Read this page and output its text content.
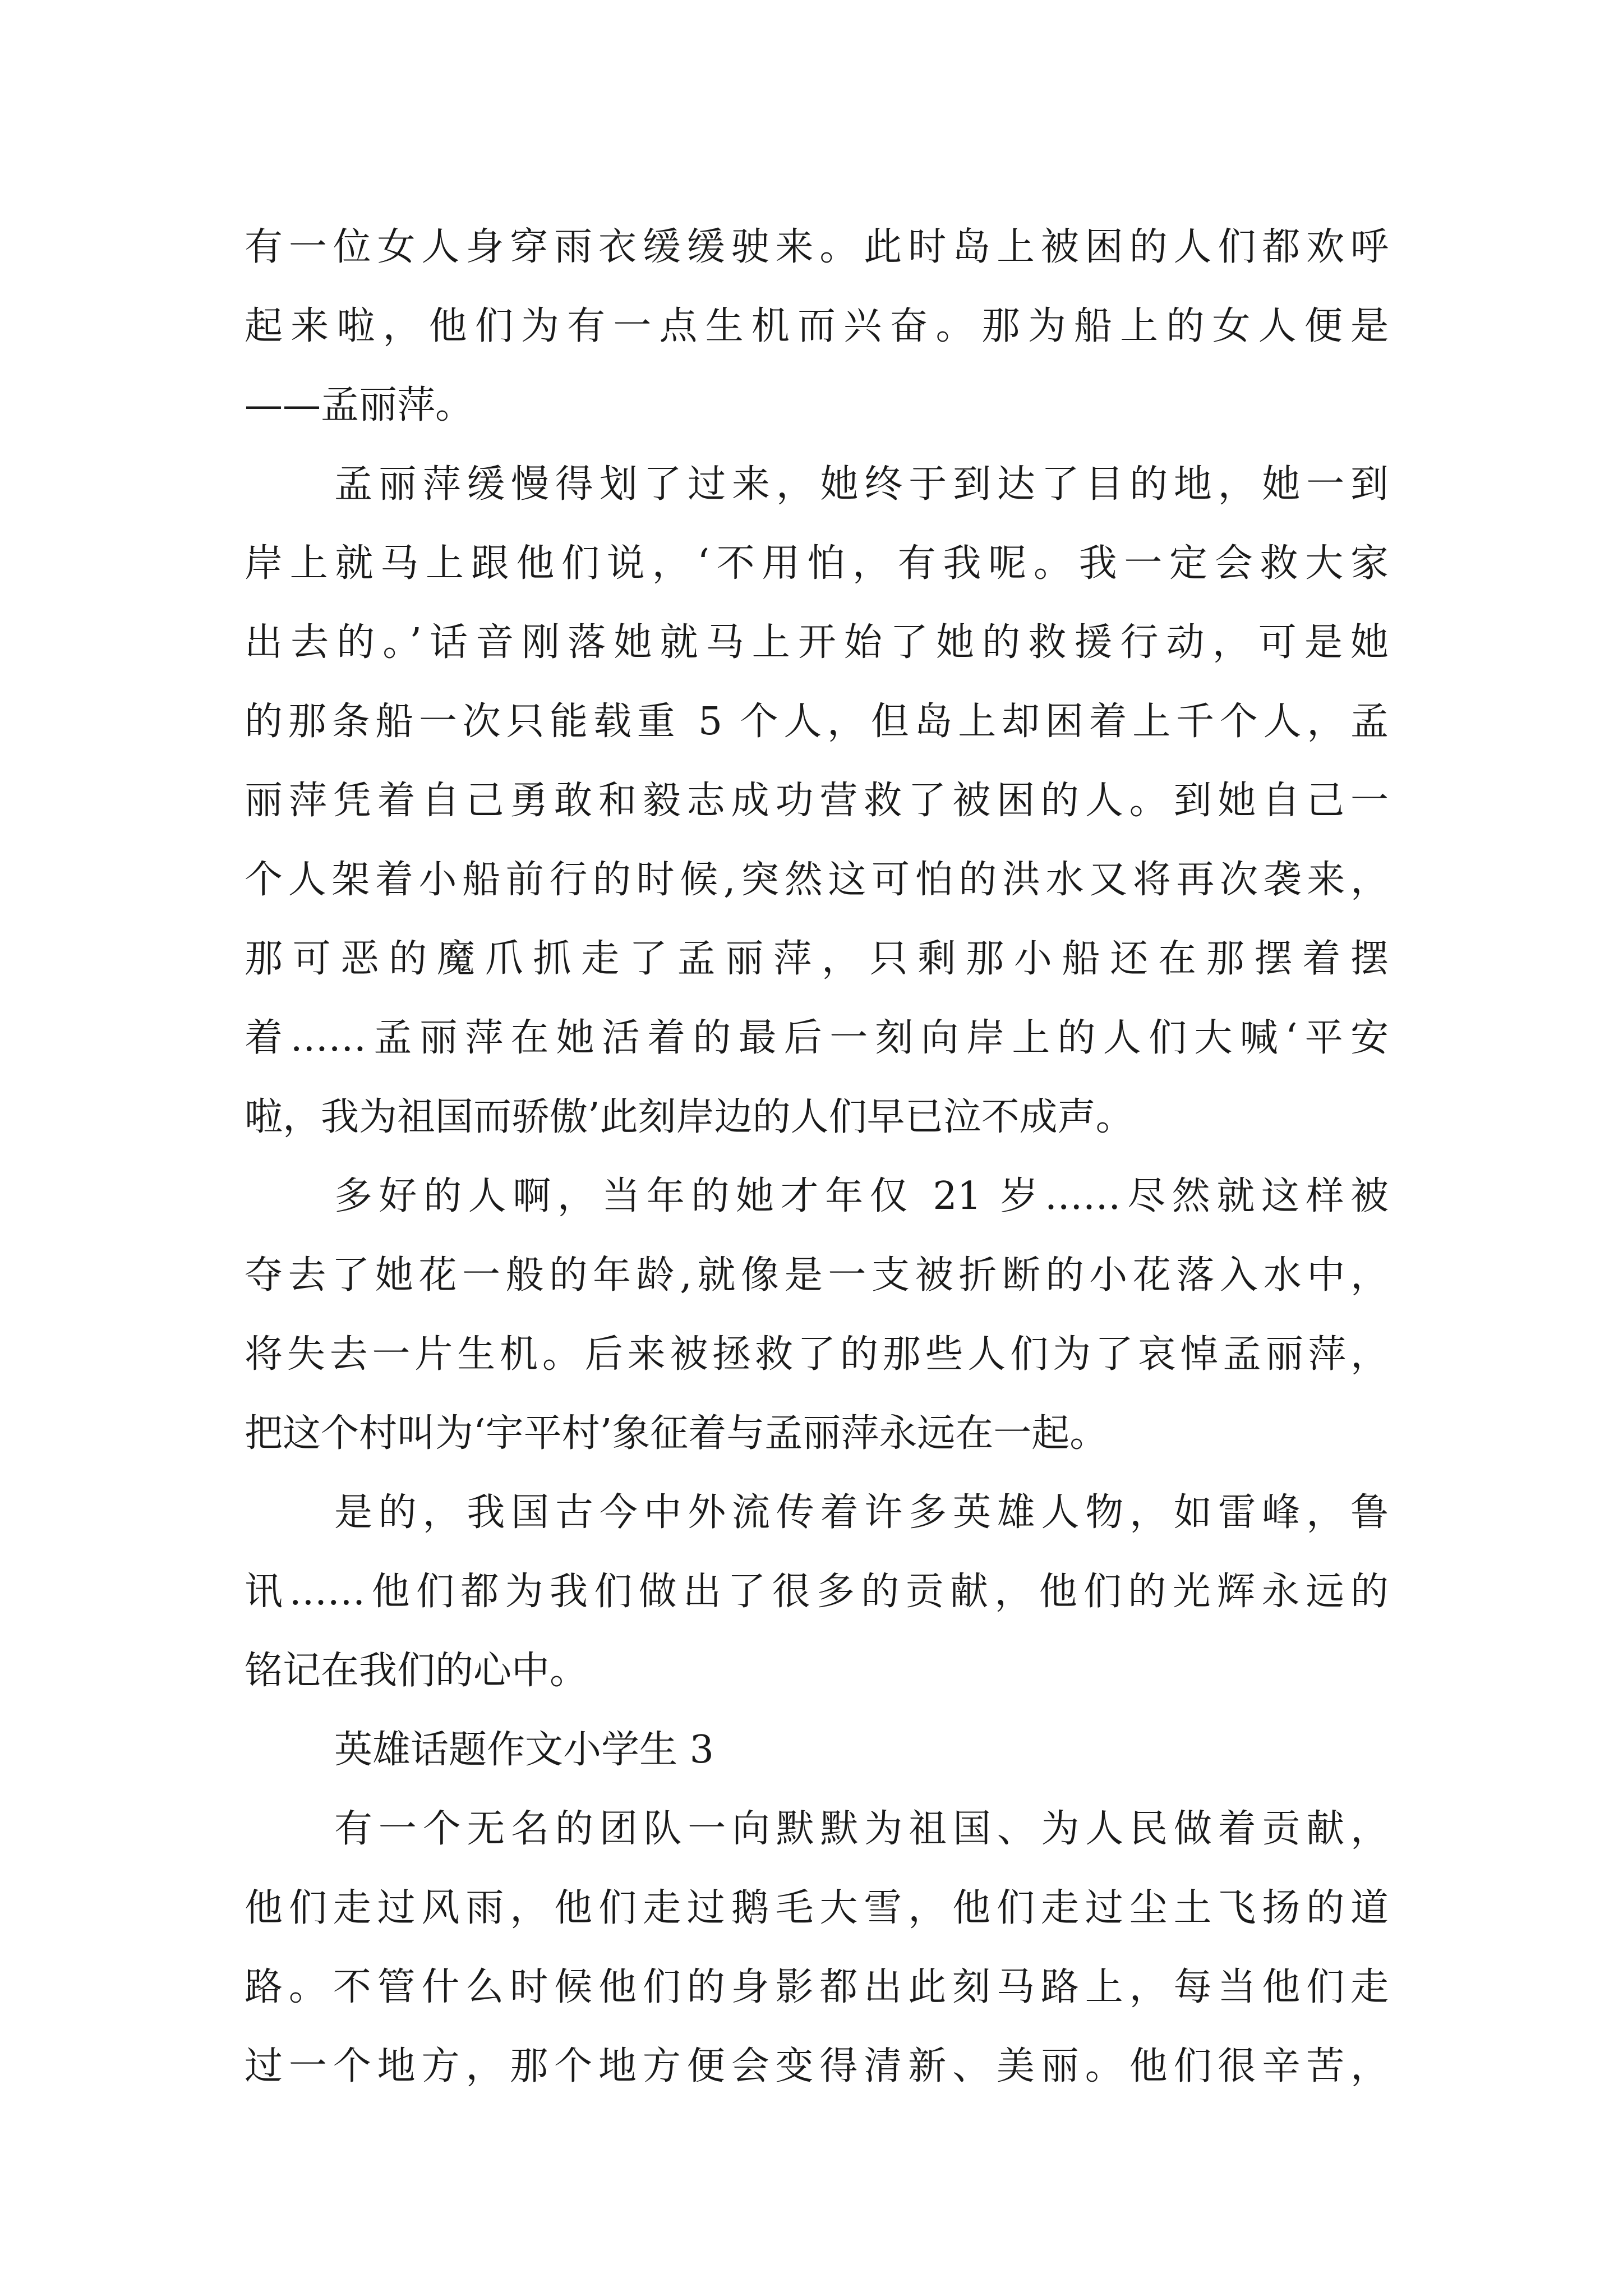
有一位女人身穿雨衣缓缓驶来。此时岛上被困的人们都欢呼
起来啦，他们为有一点生机而兴奋。那为船上的女人便是
——孟丽萍。
孟丽萍缓慢得划了过来，她终于到达了目的地，她一到
岸上就马上跟他们说，‘不用怕，有我呢。我一定会救大家
出去的。’话音刚落她就马上开始了她的救援行动，可是她
的那条船一次只能载重 5 个人，但岛上却困着上千个人，孟
丽萍凭着自己勇敢和毅志成功营救了被困的人。到她自己一
个人架着小船前行的时候,突然这可怕的洪水又将再次袭来，
那可恶的魔爪抓走了孟丽萍，只剩那小船还在那摆着摆
着……孟丽萍在她活着的最后一刻向岸上的人们大喊‘平安
啦，我为祖国而骄傲’此刻岸边的人们早已泣不成声。
多好的人啊，当年的她才年仅 21 岁……尽然就这样被
夺去了她花一般的年龄,就像是一支被折断的小花落入水中，
将失去一片生机。后来被拯救了的那些人们为了哀悼孟丽萍，
把这个村叫为‘宇平村’象征着与孟丽萍永远在一起。
是的，我国古今中外流传着许多英雄人物，如雷峰，鲁
讯……他们都为我们做出了很多的贡献，他们的光辉永远的
铭记在我们的心中。
英雄话题作文小学生 3
有一个无名的团队一向默默为祖国、为人民做着贡献，
他们走过风雨，他们走过鹅毛大雪，他们走过尘土飞扬的道
路。不管什么时候他们的身影都出此刻马路上，每当他们走
过一个地方，那个地方便会变得清新、美丽。他们很辛苦，
